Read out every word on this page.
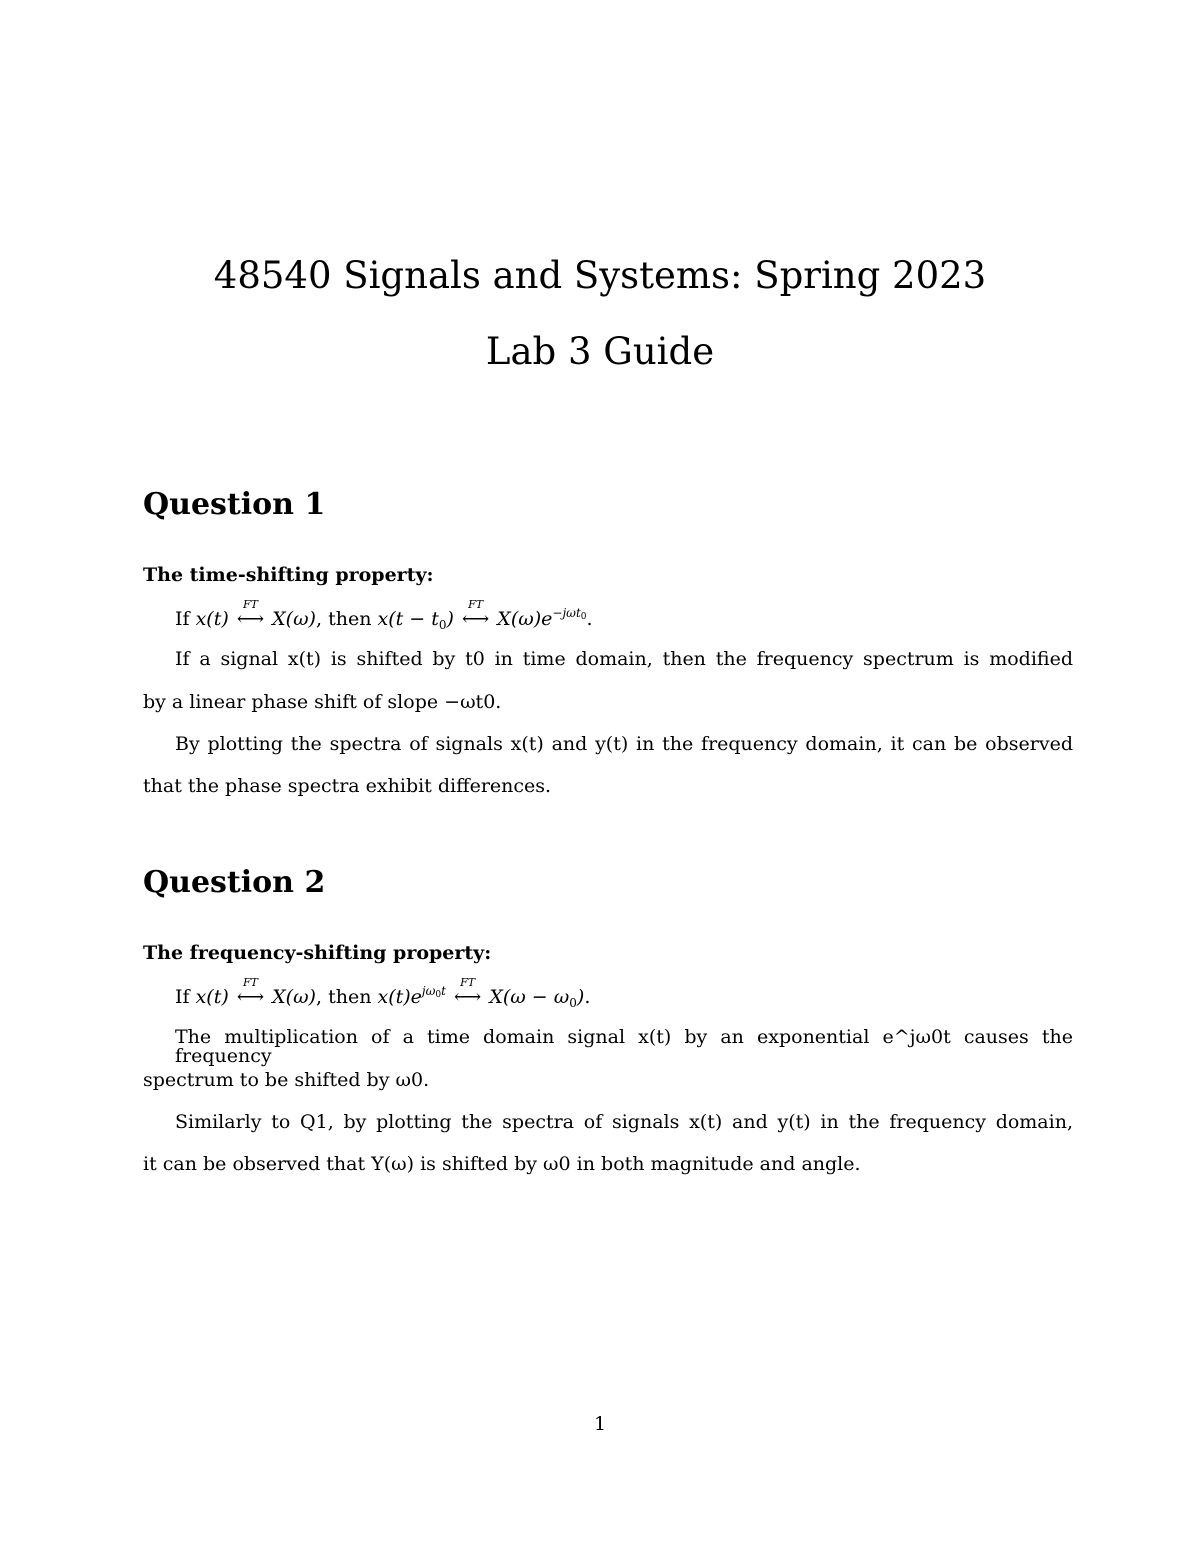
48540 Signals and Systems: Spring 2023
Lab 3 Guide
Question 1
The time-shifting property:
If x(t) ⟷
FT
X(ω), then $x(t - t_0)$ ⟷
FT
$X(\omega)e^{-j\omega t0}$.
If a signal x(t) is shifted by t0 in time domain, then the frequency spectrum is modified
by a linear phase shift of slope −ωt0.
By plotting the spectra of signals x(t) and y(t) in the frequency domain, it can be observed
that the phase spectra exhibit differences.
Question 2
The frequency-shifting property:
If x(t) ⟷
FT
X(ω), then $x(t)e^{j\omega 0t}$ ⟷
FT
$X(\omega - \omega_0)$.
The multiplication of a time domain signal x(t) by an exponential e^jω0t causes the frequency
spectrum to be shifted by ω0.
Similarly to Q1, by plotting the spectra of signals x(t) and y(t) in the frequency domain,
it can be observed that Y(ω) is shifted by ω0 in both magnitude and angle.
1
